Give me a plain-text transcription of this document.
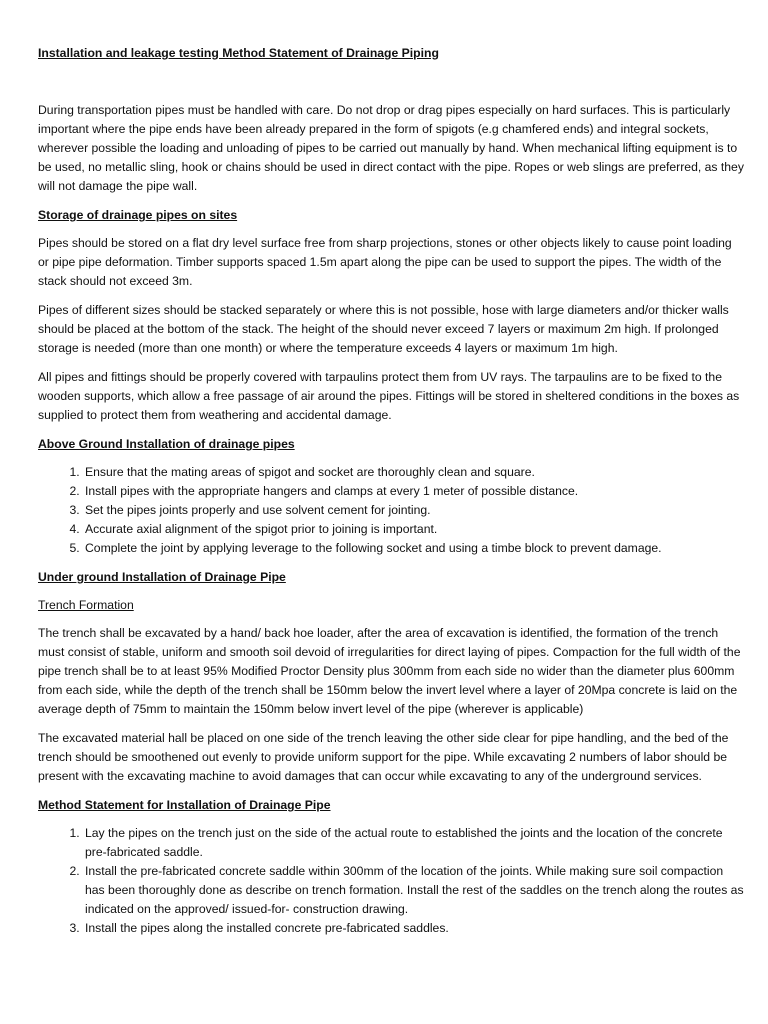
Installation and leakage testing Method Statement of Drainage Piping

During transportation pipes must be handled with care. Do not drop or drag pipes especially on hard surfaces. This is particularly important where the pipe ends have been already prepared in the form of spigots (e.g chamfered ends) and integral sockets, wherever possible the loading and unloading of pipes to be carried out manually by hand. When mechanical lifting equipment is to be used, no metallic sling, hook or chains should be used in direct contact with the pipe. Ropes or web slings are preferred, as they will not damage the pipe wall.

Storage of drainage pipes on sites

Pipes should be stored on a flat dry level surface free from sharp projections, stones or other objects likely to cause point loading or pipe pipe deformation. Timber supports spaced 1.5m apart along the pipe can be used to support the pipes. The width of the stack should not exceed 3m.

Pipes of different sizes should be stacked separately or where this is not possible, hose with large diameters and/or thicker walls should be placed at the bottom of the stack. The height of the should never exceed 7 layers or maximum 2m high. If prolonged storage is needed (more than one month) or where the temperature exceeds 4 layers or maximum 1m high.

All pipes and fittings should be properly covered with tarpaulins protect them from UV rays. The tarpaulins are to be fixed to the wooden supports, which allow a free passage of air around the pipes. Fittings will be stored in sheltered conditions in the boxes as supplied to protect them from weathering and accidental damage.

Above Ground Installation of drainage pipes
1. Ensure that the mating areas of spigot and socket are thoroughly clean and square.
2. Install pipes with the appropriate hangers and clamps at every 1 meter of possible distance.
3. Set the pipes joints properly and use solvent cement for jointing.
4. Accurate axial alignment of the spigot prior to joining is important.
5. Complete the joint by applying leverage to the following socket and using a timbe block to prevent damage.
Under ground Installation of Drainage Pipe
Trench Formation

The trench shall be excavated by a hand/ back hoe loader, after the area of excavation is identified, the formation of the trench must consist of stable, uniform and smooth soil devoid of irregularities for direct laying of pipes. Compaction for the full width of the pipe trench shall be to at least 95% Modified Proctor Density plus 300mm from each side no wider than the diameter plus 600mm from each side, while the depth of the trench shall be 150mm below the invert level where a layer of 20Mpa concrete is laid on the average depth of 75mm to maintain the 150mm below invert level of the pipe (wherever is applicable)

The excavated material hall be placed on one side of the trench leaving the other side clear for pipe handling, and the bed of the trench should be smoothened out evenly to provide uniform support for the pipe. While excavating 2 numbers of labor should be present with the excavating machine to avoid damages that can occur while excavating to any of the underground services.

Method Statement for Installation of Drainage Pipe
1. Lay the pipes on the trench just on the side of the actual route to established the joints and the location of the concrete pre-fabricated saddle.
2. Install the pre-fabricated concrete saddle within 300mm of the location of the joints. While making sure soil compaction has been thoroughly done as describe on trench formation. Install the rest of the saddles on the trench along the routes as indicated on the approved/ issued-for- construction drawing.
3. Install the pipes along the installed concrete pre-fabricated saddles.
